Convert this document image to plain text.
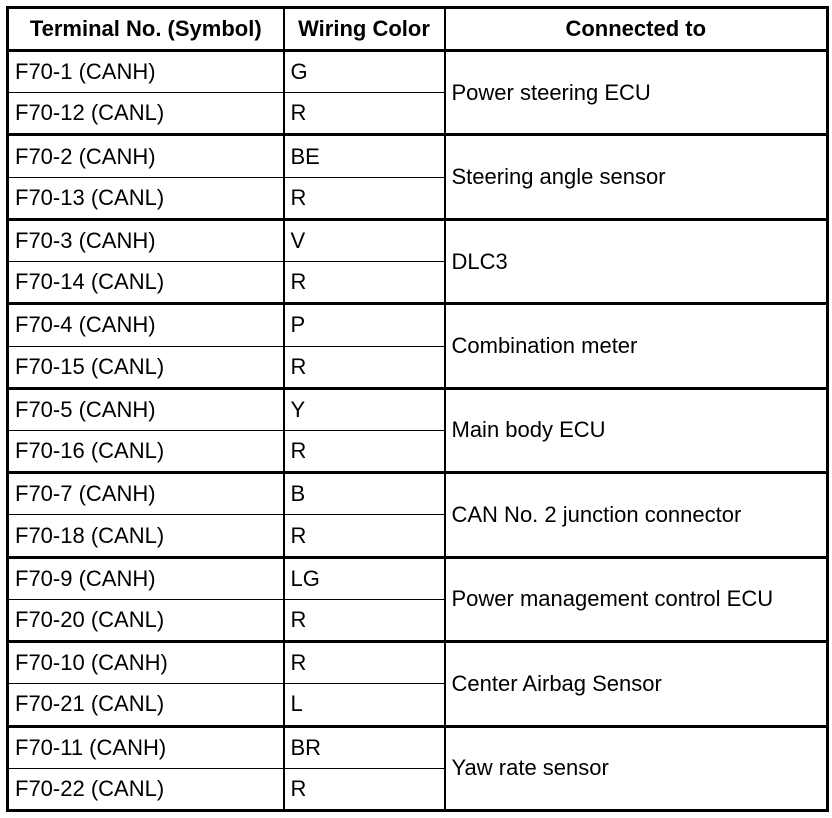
Terminal No. (Symbol)	Wiring Color	Connected to
F70-1 (CANH)	G	Power steering ECU
F70-12 (CANL)	R	
F70-2 (CANH)	BE	Steering angle sensor
F70-13 (CANL)	R	
F70-3 (CANH)	V	DLC3
F70-14 (CANL)	R	
F70-4 (CANH)	P	Combination meter
F70-15 (CANL)	R	
F70-5 (CANH)	Y	Main body ECU
F70-16 (CANL)	R	
F70-7 (CANH)	B	CAN No. 2 junction connector
F70-18 (CANL)	R	
F70-9 (CANH)	LG	Power management control ECU
F70-20 (CANL)	R	
F70-10 (CANH)	R	Center Airbag Sensor
F70-21 (CANL)	L	
F70-11 (CANH)	BR	Yaw rate sensor
F70-22 (CANL)	R	
